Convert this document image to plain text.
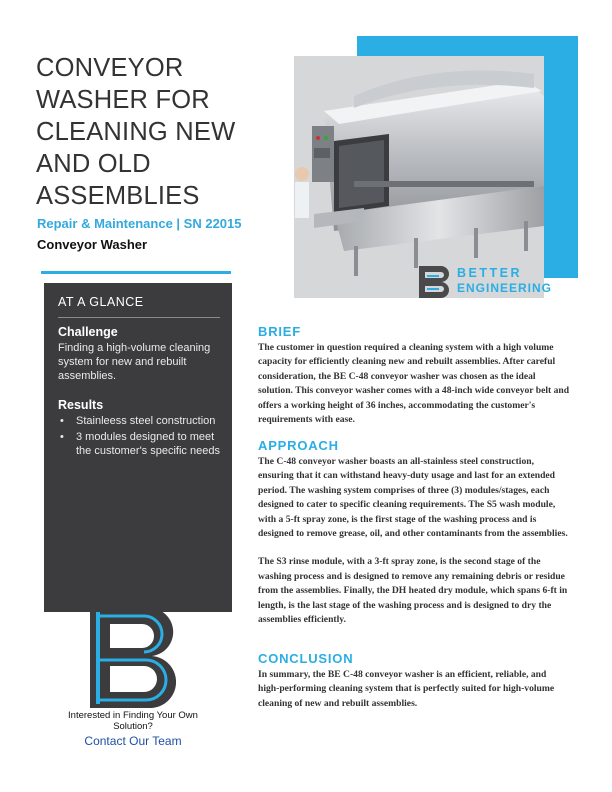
CONVEYOR WASHER FOR CLEANING NEW AND OLD ASSEMBLIES
Repair & Maintenance | SN 22015
Conveyor Washer
BETTER
ENGINEERING
AT A GLANCE
Challenge
Finding a high-volume cleaning system for new and rebuilt assemblies.
Results
• Stainleess steel construction
• 3 modules designed to meet the customer's specific needs
Interested in Finding Your Own Solution?
Contact Our Team
BRIEF

The customer in question required a cleaning system with a high volume capacity for efficiently cleaning new and rebuilt assemblies. After careful consideration, the BE C-48 conveyor washer was chosen as the ideal solution. This conveyor washer comes with a 48-inch wide conveyor belt and offers a working height of 36 inches, accommodating the customer's requirements with ease.

APPROACH

The C-48 conveyor washer boasts an all-stainless steel construction, ensuring that it can withstand heavy-duty usage and last for an extended period. The washing system comprises of three (3) modules/stages, each designed to cater to specific cleaning requirements. The S5 wash module, with a 5-ft spray zone, is the first stage of the washing process and is designed to remove grease, oil, and other contaminants from the assemblies.

The S3 rinse module, with a 3-ft spray zone, is the second stage of the washing process and is designed to remove any remaining debris or residue from the assemblies. Finally, the DH heated dry module, which spans 6-ft in length, is the last stage of the washing process and is designed to dry the assemblies efficiently.

CONCLUSION

In summary, the BE C-48 conveyor washer is an efficient, reliable, and high-performing cleaning system that is perfectly suited for high-volume cleaning of new and rebuilt assemblies.
